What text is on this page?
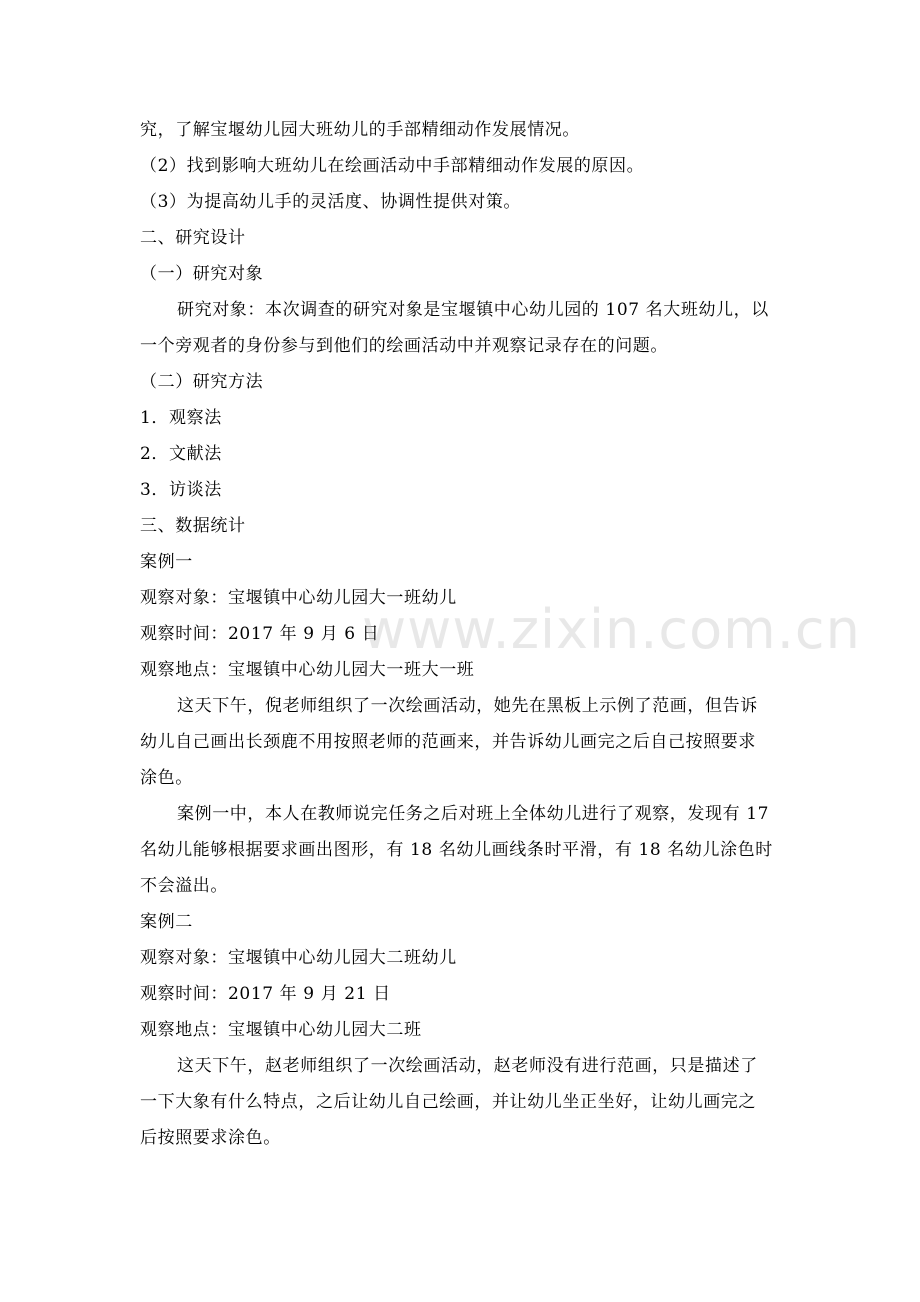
究，了解宝堰幼儿园大班幼儿的手部精细动作发展情况。
（2）找到影响大班幼儿在绘画活动中手部精细动作发展的原因。
（3）为提高幼儿手的灵活度、协调性提供对策。
二、研究设计
（一）研究对象
研究对象：本次调查的研究对象是宝堰镇中心幼儿园的 107 名大班幼儿，以
一个旁观者的身份参与到他们的绘画活动中并观察记录存在的问题。
（二）研究方法
1．观察法
2．文献法
3．访谈法
三、数据统计
案例一
观察对象：宝堰镇中心幼儿园大一班幼儿
观察时间：2017 年 9 月 6 日
观察地点：宝堰镇中心幼儿园大一班大一班
这天下午，倪老师组织了一次绘画活动，她先在黑板上示例了范画，但告诉
幼儿自己画出长颈鹿不用按照老师的范画来，并告诉幼儿画完之后自己按照要求
涂色。
案例一中，本人在教师说完任务之后对班上全体幼儿进行了观察，发现有 17
名幼儿能够根据要求画出图形，有 18 名幼儿画线条时平滑，有 18 名幼儿涂色时
不会溢出。
案例二
观察对象：宝堰镇中心幼儿园大二班幼儿
观察时间：2017 年 9 月 21 日
观察地点：宝堰镇中心幼儿园大二班
这天下午，赵老师组织了一次绘画活动，赵老师没有进行范画，只是描述了
一下大象有什么特点，之后让幼儿自己绘画，并让幼儿坐正坐好，让幼儿画完之
后按照要求涂色。
www.zixin.com.cn
